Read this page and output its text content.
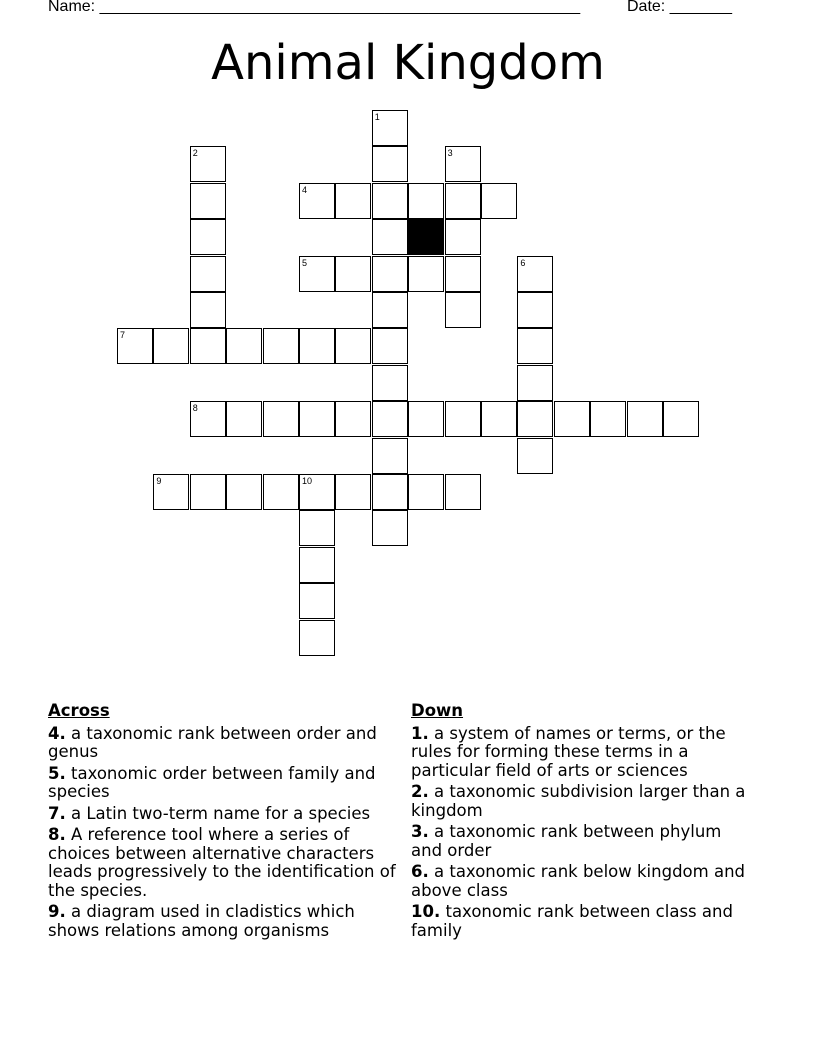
Name: ______________________________________________________	Date: _______
Animal Kingdom
1
2	3
4
5	6
7
8
9	10
Across
4. a taxonomic rank between order and genus
5. taxonomic order between family and species
7. a Latin two-term name for a species
8. A reference tool where a series of choices between alternative characters leads progressively to the identification of the species.
9. a diagram used in cladistics which shows relations among organisms
Down
1. a system of names or terms, or the rules for forming these terms in a particular field of arts or sciences
2. a taxonomic subdivision larger than a kingdom
3. a taxonomic rank between phylum and order
6. a taxonomic rank below kingdom and above class
10. taxonomic rank between class and family
